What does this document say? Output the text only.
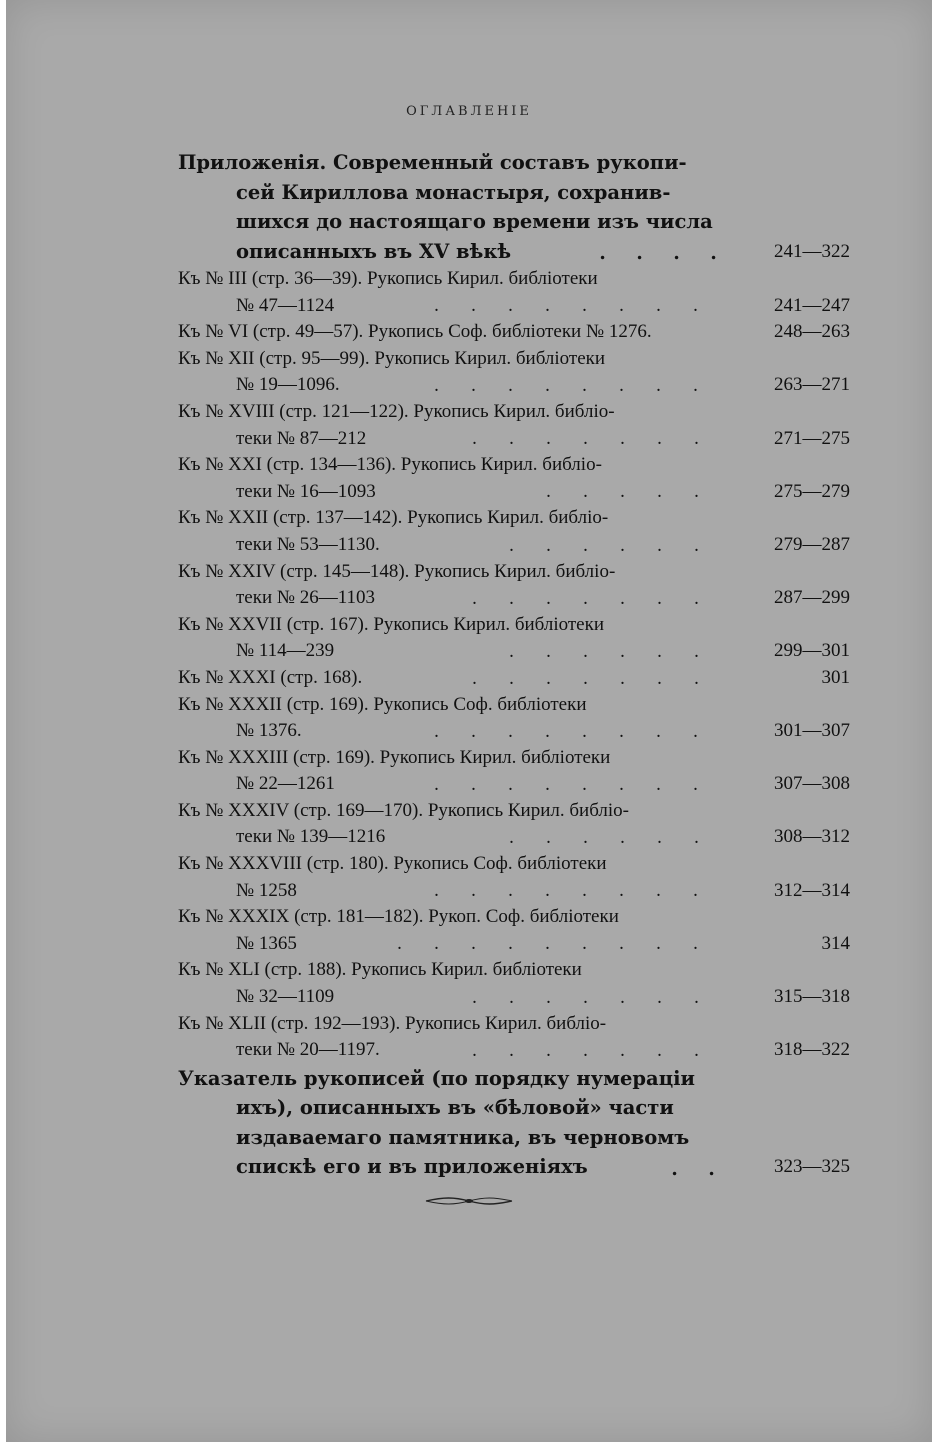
ОГЛАВЛЕНІЕ
Приложенія. Современный составъ рукопи-
сей Кириллова монастыря, сохранив-
шихся до настоящаго времени изъ числа
описанныхъ въ XV вѣкѣ	. . . .	241—322
Къ № III (стр. 36—39). Рукопись Кирил. библіотеки
№ 47—1124	. . . . . . . .	241—247
Къ № VI (стр. 49—57). Рукопись Соф. библіотеки № 1276.	248—263
Къ № XII (стр. 95—99). Рукопись Кирил. библіотеки
№ 19—1096.	. . . . . . . .	263—271
Къ № XVIII (стр. 121—122). Рукопись Кирил. библіо-
теки № 87—212	. . . . . . .	271—275
Къ № XXI (стр. 134—136). Рукопись Кирил. библіо-
теки № 16—1093	. . . . .	275—279
Къ № XXII (стр. 137—142). Рукопись Кирил. библіо-
теки № 53—1130.	. . . . . .	279—287
Къ № XXIV (стр. 145—148). Рукопись Кирил. библіо-
теки № 26—1103	. . . . . . .	287—299
Къ № XXVII (стр. 167). Рукопись Кирил. библіотеки
№ 114—239	. . . . . .	299—301
Къ № XXXI (стр. 168).	. . . . . . .	301
Къ № XXXII (стр. 169). Рукопись Соф. библіотеки
№ 1376.	. . . . . . . .	301—307
Къ № XXXIII (стр. 169). Рукопись Кирил. библіотеки
№ 22—1261	. . . . . . . .	307—308
Къ № XXXIV (стр. 169—170). Рукопись Кирил. библіо-
теки № 139—1216	. . . . . .	308—312
Къ № XXXVIII (стр. 180). Рукопись Соф. библіотеки
№ 1258	. . . . . . . .	312—314
Къ № XXXIX (стр. 181—182). Рукоп. Соф. библіотеки
№ 1365	. . . . . . . . .	314
Къ № XLI (стр. 188). Рукопись Кирил. библіотеки
№ 32—1109	. . . . . . .	315—318
Къ № XLII (стр. 192—193). Рукопись Кирил. библіо-
теки № 20—1197.	. . . . . . .	318—322
Указатель рукописей (по порядку нумераціи
ихъ), описанныхъ въ «бѣловой» части
издаваемаго памятника, въ черновомъ
спискѣ его и въ приложеніяхъ	. .	323—325
